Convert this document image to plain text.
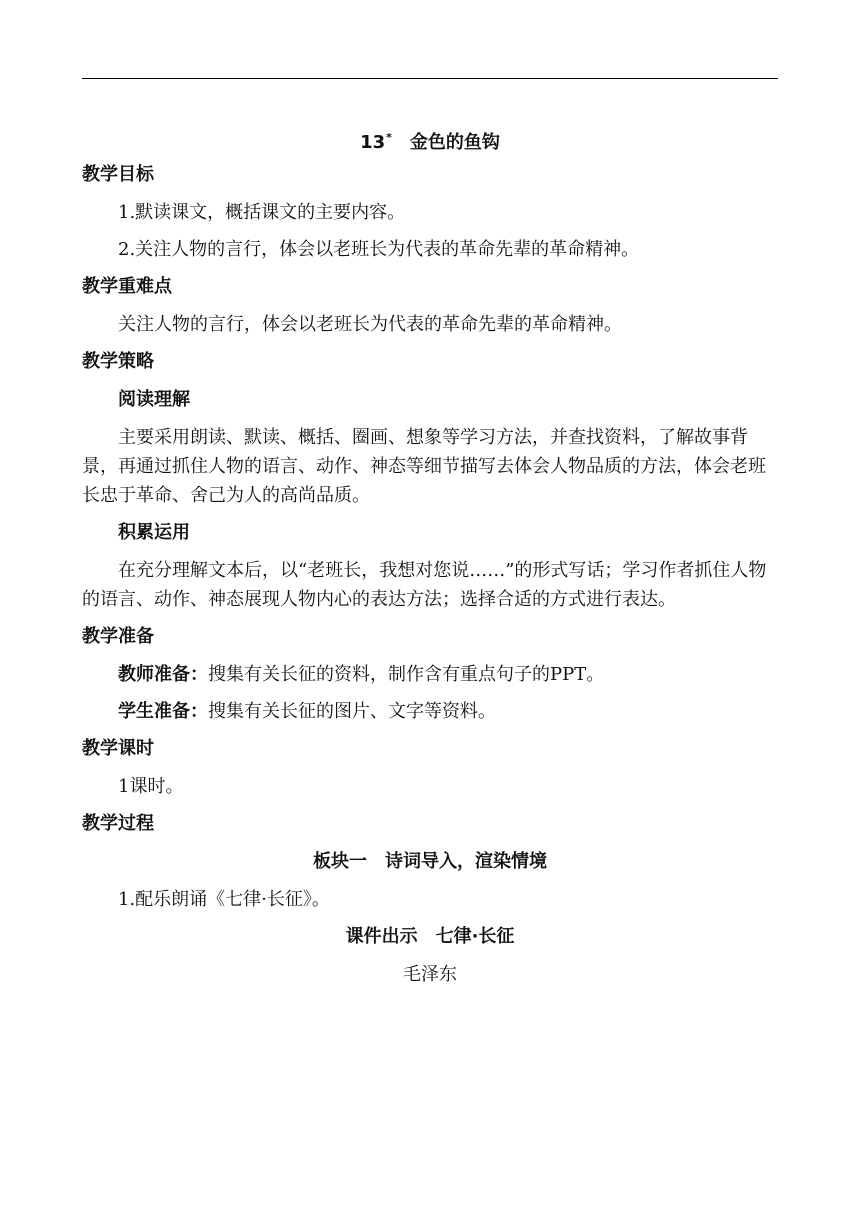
13* 金色的鱼钩
教学目标

1.默读课文，概括课文的主要内容。

2.关注人物的言行，体会以老班长为代表的革命先辈的革命精神。

教学重难点

关注人物的言行，体会以老班长为代表的革命先辈的革命精神。

教学策略
阅读理解

主要采用朗读、默读、概括、圈画、想象等学习方法，并查找资料，了解故事背景，再通过抓住人物的语言、动作、神态等细节描写去体会人物品质的方法，体会老班长忠于革命、舍己为人的高尚品质。

积累运用

在充分理解文本后，以“老班长，我想对您说……”的形式写话；学习作者抓住人物的语言、动作、神态展现人物内心的表达方法；选择合适的方式进行表达。

教学准备

教师准备：搜集有关长征的资料，制作含有重点句子的PPT。

学生准备：搜集有关长征的图片、文字等资料。

教学课时

1课时。

教学过程
板块一 诗词导入，渲染情境

1.配乐朗诵《七律·长征》。

课件出示 七律·长征
毛泽东
